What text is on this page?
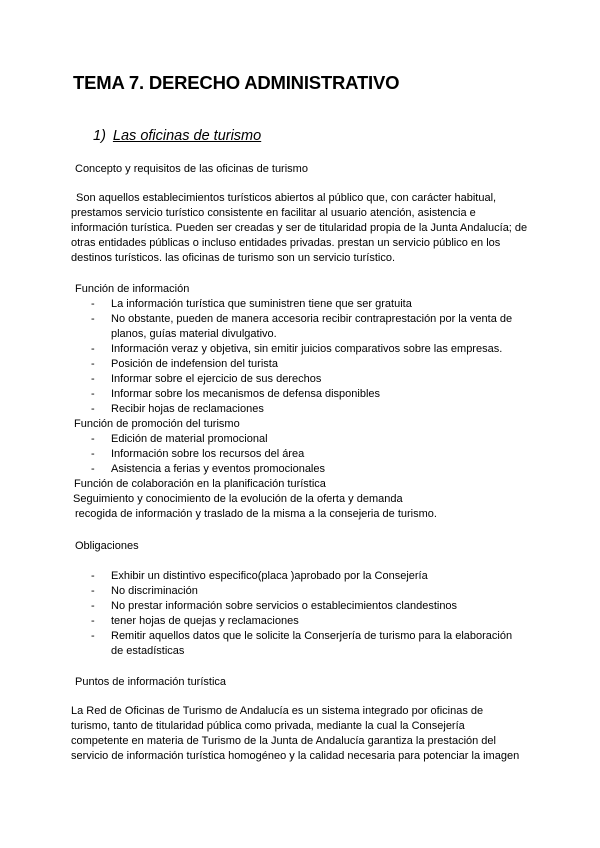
TEMA 7. DERECHO ADMINISTRATIVO
1) Las oficinas de turismo
Concepto y requisitos de las oficinas de turismo

Son aquellos establecimientos turísticos abiertos al público que, con carácter habitual, prestamos servicio turístico consistente en facilitar al usuario atención, asistencia e información turística. Pueden ser creadas y ser de titularidad propia de la Junta Andalucía; de otras entidades públicas o incluso entidades privadas. prestan un servicio público en los destinos turísticos. las oficinas de turismo son un servicio turístico.

Función de información
- La información turística que suministren tiene que ser gratuita
- No obstante, pueden de manera accesoria recibir contraprestación por la venta de planos, guías material divulgativo.
- Información veraz y objetiva, sin emitir juicios comparativos sobre las empresas.
- Posición de indefension del turista
- Informar sobre el ejercicio de sus derechos
- Informar sobre los mecanismos de defensa disponibles
- Recibir hojas de reclamaciones
Función de promoción del turismo
- Edición de material promocional
- Información sobre los recursos del área
- Asistencia a ferias y eventos promocionales
Función de colaboración en la planificación turística
Seguimiento y conocimiento de la evolución de la oferta y demanda
recogida de información y traslado de la misma a la consejeria de turismo.
Obligaciones
- Exhibir un distintivo especifico(placa )aprobado por la Consejería
- No discriminación
- No prestar información sobre servicios o establecimientos clandestinos
- tener hojas de quejas y reclamaciones
- Remitir aquellos datos que le solicite la Conserjería de turismo para la elaboración de estadísticas
Puntos de información turística

La Red de Oficinas de Turismo de Andalucía es un sistema integrado por oficinas de turismo, tanto de titularidad pública como privada, mediante la cual la Consejería competente en materia de Turismo de la Junta de Andalucía garantiza la prestación del servicio de información turística homogéneo y la calidad necesaria para potenciar la imagen
